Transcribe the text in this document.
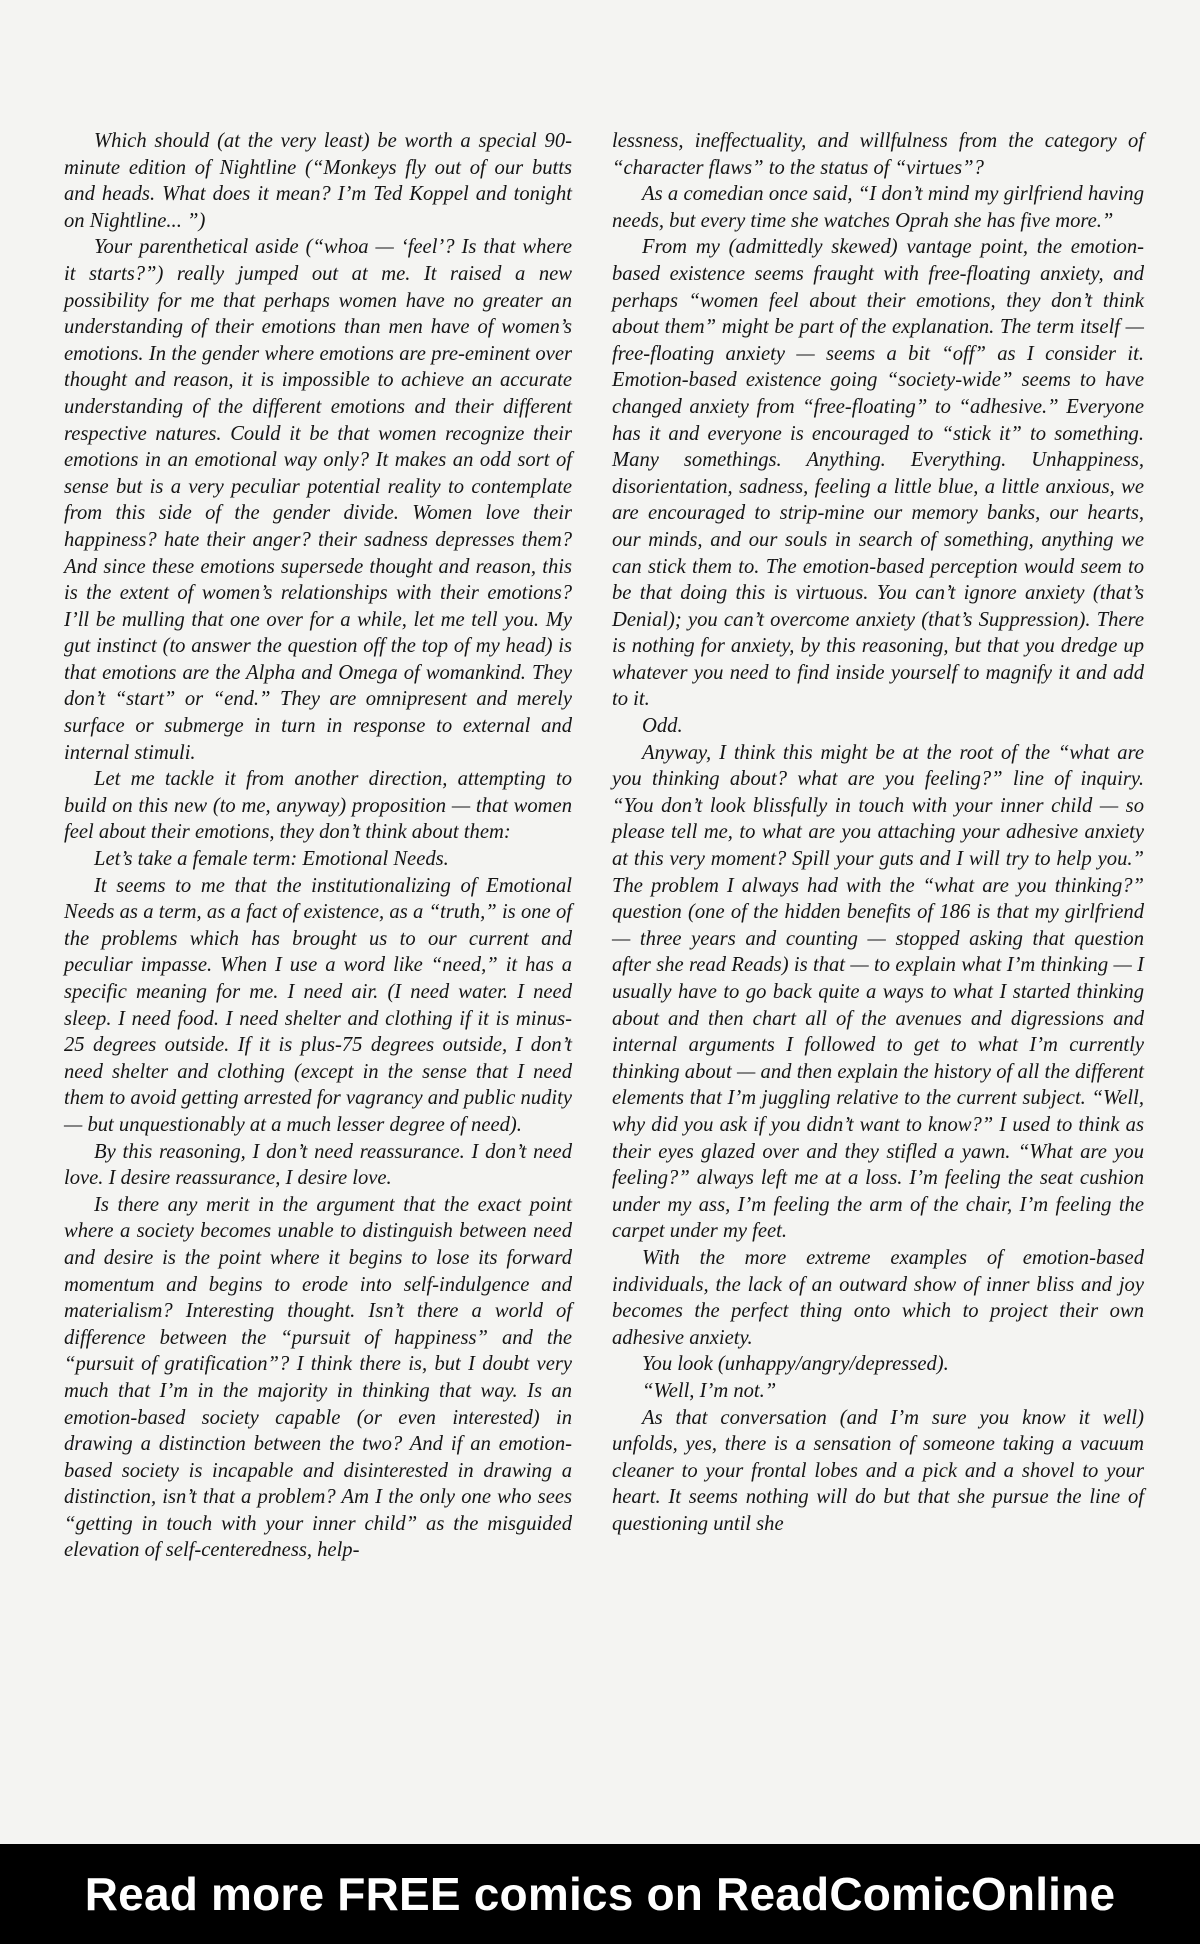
Which should (at the very least) be worth a special 90-minute edition of Nightline (“Monkeys fly out of our butts and heads. What does it mean? I’m Ted Koppel and tonight on Nightline... ”)

Your parenthetical aside (“whoa — ‘feel’? Is that where it starts?”) really jumped out at me. It raised a new possibility for me that perhaps women have no greater an understanding of their emotions than men have of women’s emotions. In the gender where emotions are pre-eminent over thought and reason, it is impossible to achieve an accurate understanding of the different emotions and their different respective natures. Could it be that women recognize their emotions in an emotional way only? It makes an odd sort of sense but is a very peculiar potential reality to contemplate from this side of the gender divide. Women love their happiness? hate their anger? their sadness depresses them? And since these emotions supersede thought and reason, this is the extent of women’s relationships with their emotions? I’ll be mulling that one over for a while, let me tell you. My gut instinct (to answer the question off the top of my head) is that emotions are the Alpha and Omega of womankind. They don’t “start” or “end.” They are omnipresent and merely surface or submerge in turn in response to external and internal stimuli.

Let me tackle it from another direction, attempting to build on this new (to me, anyway) proposition — that women feel about their emotions, they don’t think about them:

Let’s take a female term: Emotional Needs.

It seems to me that the institutionalizing of Emotional Needs as a term, as a fact of existence, as a “truth,” is one of the problems which has brought us to our current and peculiar impasse. When I use a word like “need,” it has a specific meaning for me. I need air. (I need water. I need sleep. I need food. I need shelter and clothing if it is minus-25 degrees outside. If it is plus-75 degrees outside, I don’t need shelter and clothing (except in the sense that I need them to avoid getting arrested for vagrancy and public nudity — but unquestionably at a much lesser degree of need).

By this reasoning, I don’t need reassurance. I don’t need love. I desire reassurance, I desire love.

Is there any merit in the argument that the exact point where a society becomes unable to distinguish between need and desire is the point where it begins to lose its forward momentum and begins to erode into self-indulgence and materialism? Interesting thought. Isn’t there a world of difference between the “pursuit of happiness” and the “pursuit of gratification”? I think there is, but I doubt very much that I’m in the majority in thinking that way. Is an emotion-based society capable (or even interested) in drawing a distinction between the two? And if an emotion-based society is incapable and disinterested in drawing a distinction, isn’t that a problem? Am I the only one who sees “getting in touch with your inner child” as the misguided elevation of self-centeredness, help-

lessness, ineffectuality, and willfulness from the category of “character flaws” to the status of “virtues”?

As a comedian once said, “I don’t mind my girlfriend having needs, but every time she watches Oprah she has five more.”

From my (admittedly skewed) vantage point, the emotion-based existence seems fraught with free-floating anxiety, and perhaps “women feel about their emotions, they don’t think about them” might be part of the explanation. The term itself — free-floating anxiety — seems a bit “off” as I consider it. Emotion-based existence going “society-wide” seems to have changed anxiety from “free-floating” to “adhesive.” Everyone has it and everyone is encouraged to “stick it” to something. Many somethings. Anything. Everything. Unhappiness, disorientation, sadness, feeling a little blue, a little anxious, we are encouraged to strip-mine our memory banks, our hearts, our minds, and our souls in search of something, anything we can stick them to. The emotion-based perception would seem to be that doing this is virtuous. You can’t ignore anxiety (that’s Denial); you can’t overcome anxiety (that’s Suppression). There is nothing for anxiety, by this reasoning, but that you dredge up whatever you need to find inside yourself to magnify it and add to it.

Odd.

Anyway, I think this might be at the root of the “what are you thinking about? what are you feeling?” line of inquiry. “You don’t look blissfully in touch with your inner child — so please tell me, to what are you attaching your adhesive anxiety at this very moment? Spill your guts and I will try to help you.” The problem I always had with the “what are you thinking?” question (one of the hidden benefits of 186 is that my girlfriend — three years and counting — stopped asking that question after she read Reads) is that — to explain what I’m thinking — I usually have to go back quite a ways to what I started thinking about and then chart all of the avenues and digressions and internal arguments I followed to get to what I’m currently thinking about — and then explain the history of all the different elements that I’m juggling relative to the current subject. “Well, why did you ask if you didn’t want to know?” I used to think as their eyes glazed over and they stifled a yawn. “What are you feeling?” always left me at a loss. I’m feeling the seat cushion under my ass, I’m feeling the arm of the chair, I’m feeling the carpet under my feet.

With the more extreme examples of emotion-based individuals, the lack of an outward show of inner bliss and joy becomes the perfect thing onto which to project their own adhesive anxiety.

You look (unhappy/angry/depressed).

“Well, I’m not.”

As that conversation (and I’m sure you know it well) unfolds, yes, there is a sensation of someone taking a vacuum cleaner to your frontal lobes and a pick and a shovel to your heart. It seems nothing will do but that she pursue the line of questioning until she

Read more FREE comics on ReadComicOnline
